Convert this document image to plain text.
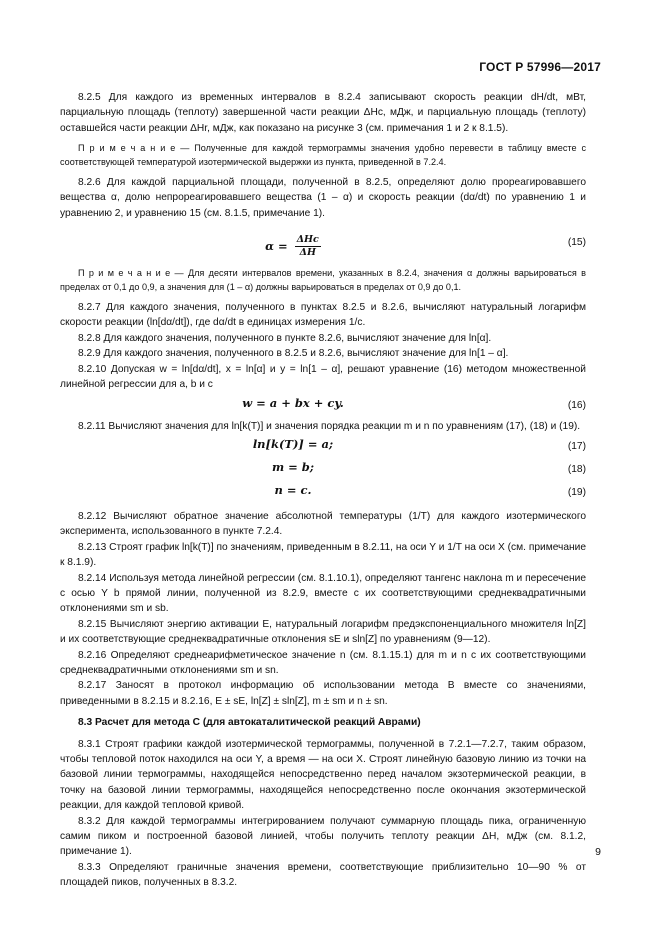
ГОСТ Р 57996—2017

8.2.5 Для каждого из временных интервалов в 8.2.4 записывают скорость реакции dH/dt, мВт, парциальную площадь (теплоту) завершенной части реакции ΔHc, мДж, и парциальную площадь (теплоту) оставшейся части реакции ΔHr, мДж, как показано на рисунке 3 (см. примечания 1 и 2 к 8.1.5).

П р и м е ч а н и е — Полученные для каждой термограммы значения удобно перевести в таблицу вместе с соответствующей температурой изотермической выдержки из пункта, приведенной в 7.2.4.

8.2.6 Для каждой парциальной площади, полученной в 8.2.5, определяют долю прореагировавшего вещества α, долю непрореагировавшего вещества (1 – α) и скорость реакции (dα/dt) по уравнению 1 и уравнению 2, и уравнению 15 (см. 8.1.5, примечание 1).

$\alpha = \frac{\text{ΔHc}}{\Delta H}$	(15)

П р и м е ч а н и е — Для десяти интервалов времени, указанных в 8.2.4, значения α должны варьироваться в пределах от 0,1 до 0,9, а значения для (1 – α) должны варьироваться в пределах от 0,9 до 0,1.

8.2.7 Для каждого значения, полученного в пунктах 8.2.5 и 8.2.6, вычисляют натуральный логарифм скорости реакции (ln[dα/dt]), где dα/dt в единицах измерения 1/с.

8.2.8 Для каждого значения, полученного в пункте 8.2.6, вычисляют значение для ln[α].

8.2.9 Для каждого значения, полученного в 8.2.5 и 8.2.6, вычисляют значение для ln[1 – α].

8.2.10 Допуская w = ln[dα/dt], x = ln[α] и y = ln[1 – α], решают уравнение (16) методом множественной линейной регрессии для a, b и c

w = a + bx + cy.	(16)

8.2.11 Вычисляют значения для ln[k(T)] и значения порядка реакции m и n по уравнениям (17), (18) и (19).

ln[k(T)] = a;	(17)
m = b;	(18)
n = c.	(19)

8.2.12 Вычисляют обратное значение абсолютной температуры (1/T) для каждого изотермического эксперимента, использованного в пункте 7.2.4.

8.2.13 Строят график ln[k(T)] по значениям, приведенным в 8.2.11, на оси Y и 1/T на оси X (см. примечание к 8.1.9).

8.2.14 Используя метода линейной регрессии (см. 8.1.10.1), определяют тангенс наклона m и пересечение с осью Y b прямой линии, полученной из 8.2.9, вместе с их соответствующими среднеквадратичными отклонениями sm и sb.

8.2.15 Вычисляют энергию активации E, натуральный логарифм предэкспоненциального множителя ln[Z] и их соответствующие среднеквадратичные отклонения sE и sln[Z] по уравнениям (9—12).

8.2.16 Определяют среднеарифметическое значение n (см. 8.1.15.1) для m и n с их соответствующими среднеквадратичными отклонениями sm и sn.

8.2.17 Заносят в протокол информацию об использовании метода В вместе со значениями, приведенными в 8.2.15 и 8.2.16, E ± sE, ln[Z] ± sln[Z], m ± sm и n ± sn.

8.3 Расчет для метода С (для автокаталитической реакций Аврами)

8.3.1 Строят графики каждой изотермической термограммы, полученной в 7.2.1—7.2.7, таким образом, чтобы тепловой поток находился на оси Y, а время — на оси X. Строят линейную базовую линию из точки на базовой линии термограммы, находящейся непосредственно перед началом экзотермической реакции, в точку на базовой линии термограммы, находящейся непосредственно после окончания экзотермической реакции, для каждой тепловой кривой.

8.3.2 Для каждой термограммы интегрированием получают суммарную площадь пика, ограниченную самим пиком и построенной базовой линией, чтобы получить теплоту реакции ΔH, мДж (см. 8.1.2, примечание 1).

8.3.3 Определяют граничные значения времени, соответствующие приблизительно 10—90 % от площадей пиков, полученных в 8.3.2.

9
